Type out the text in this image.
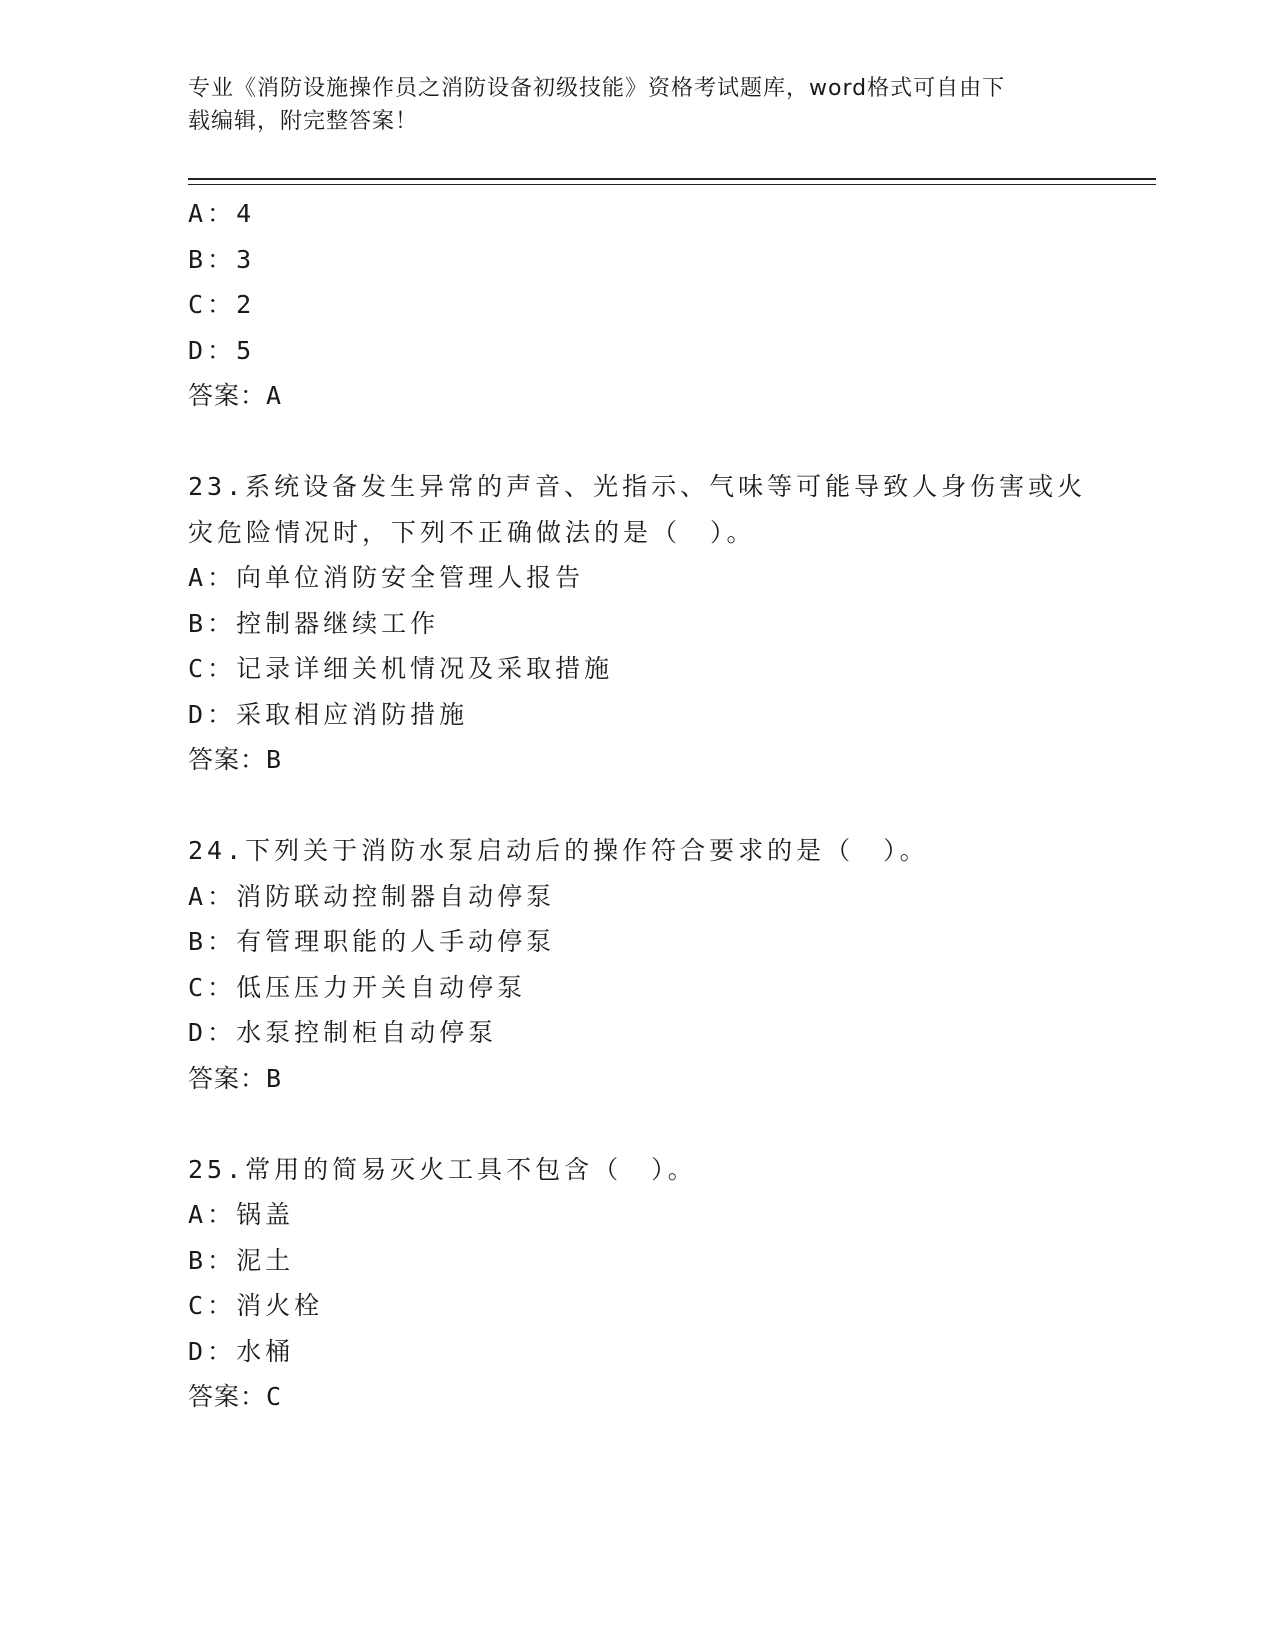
专业《消防设施操作员之消防设备初级技能》资格考试题库，word格式可自由下
载编辑，附完整答案！
A：4
B：3
C：2
D：5
答案：A
23.系统设备发生异常的声音、光指示、气味等可能导致人身伤害或火
灾危险情况时，下列不正确做法的是（　）。
A：向单位消防安全管理人报告
B：控制器继续工作
C：记录详细关机情况及采取措施
D：采取相应消防措施
答案：B
24.下列关于消防水泵启动后的操作符合要求的是（　）。
A：消防联动控制器自动停泵
B：有管理职能的人手动停泵
C：低压压力开关自动停泵
D：水泵控制柜自动停泵
答案：B
25.常用的简易灭火工具不包含（　）。
A：锅盖
B：泥土
C：消火栓
D：水桶
答案：C
